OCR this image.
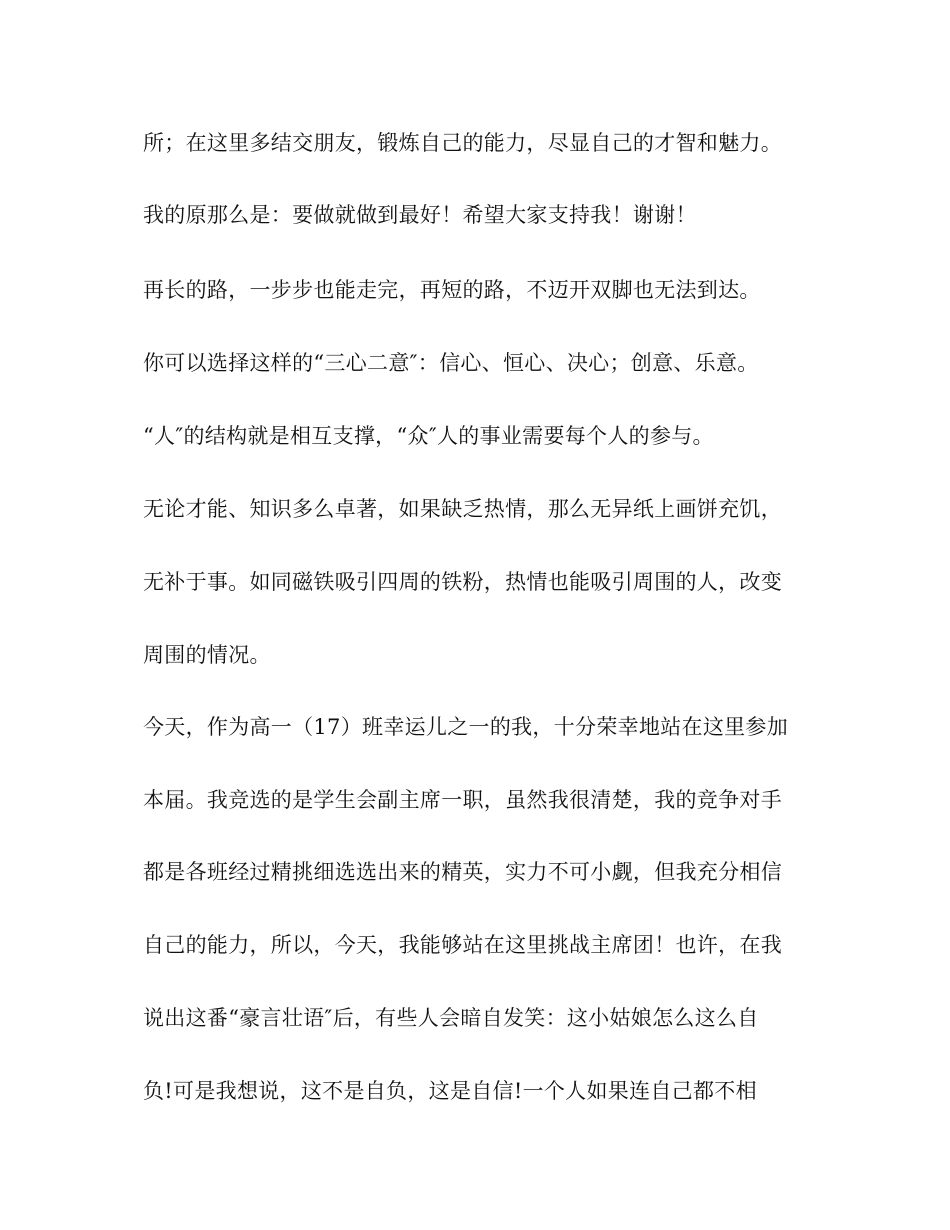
所；在这里多结交朋友，锻炼自己的能力，尽显自己的才智和魅力。
我的原那么是：要做就做到最好！希望大家支持我！谢谢！
再长的路，一步步也能走完，再短的路，不迈开双脚也无法到达。
你可以选择这样的“三心二意″：信心、恒心、决心；创意、乐意。
“人″的结构就是相互支撑，“众″人的事业需要每个人的参与。
无论才能、知识多么卓著，如果缺乏热情，那么无异纸上画饼充饥，
无补于事。如同磁铁吸引四周的铁粉，热情也能吸引周围的人，改变
周围的情况。
今天，作为高一（17）班幸运儿之一的我，十分荣幸地站在这里参加
本届。我竞选的是学生会副主席一职，虽然我很清楚，我的竞争对手
都是各班经过精挑细选选出来的精英，实力不可小觑，但我充分相信
自己的能力，所以，今天，我能够站在这里挑战主席团！也许，在我
说出这番“豪言壮语″后，有些人会暗自发笑：这小姑娘怎么这么自
负!可是我想说，这不是自负，这是自信!一个人如果连自己都不相
